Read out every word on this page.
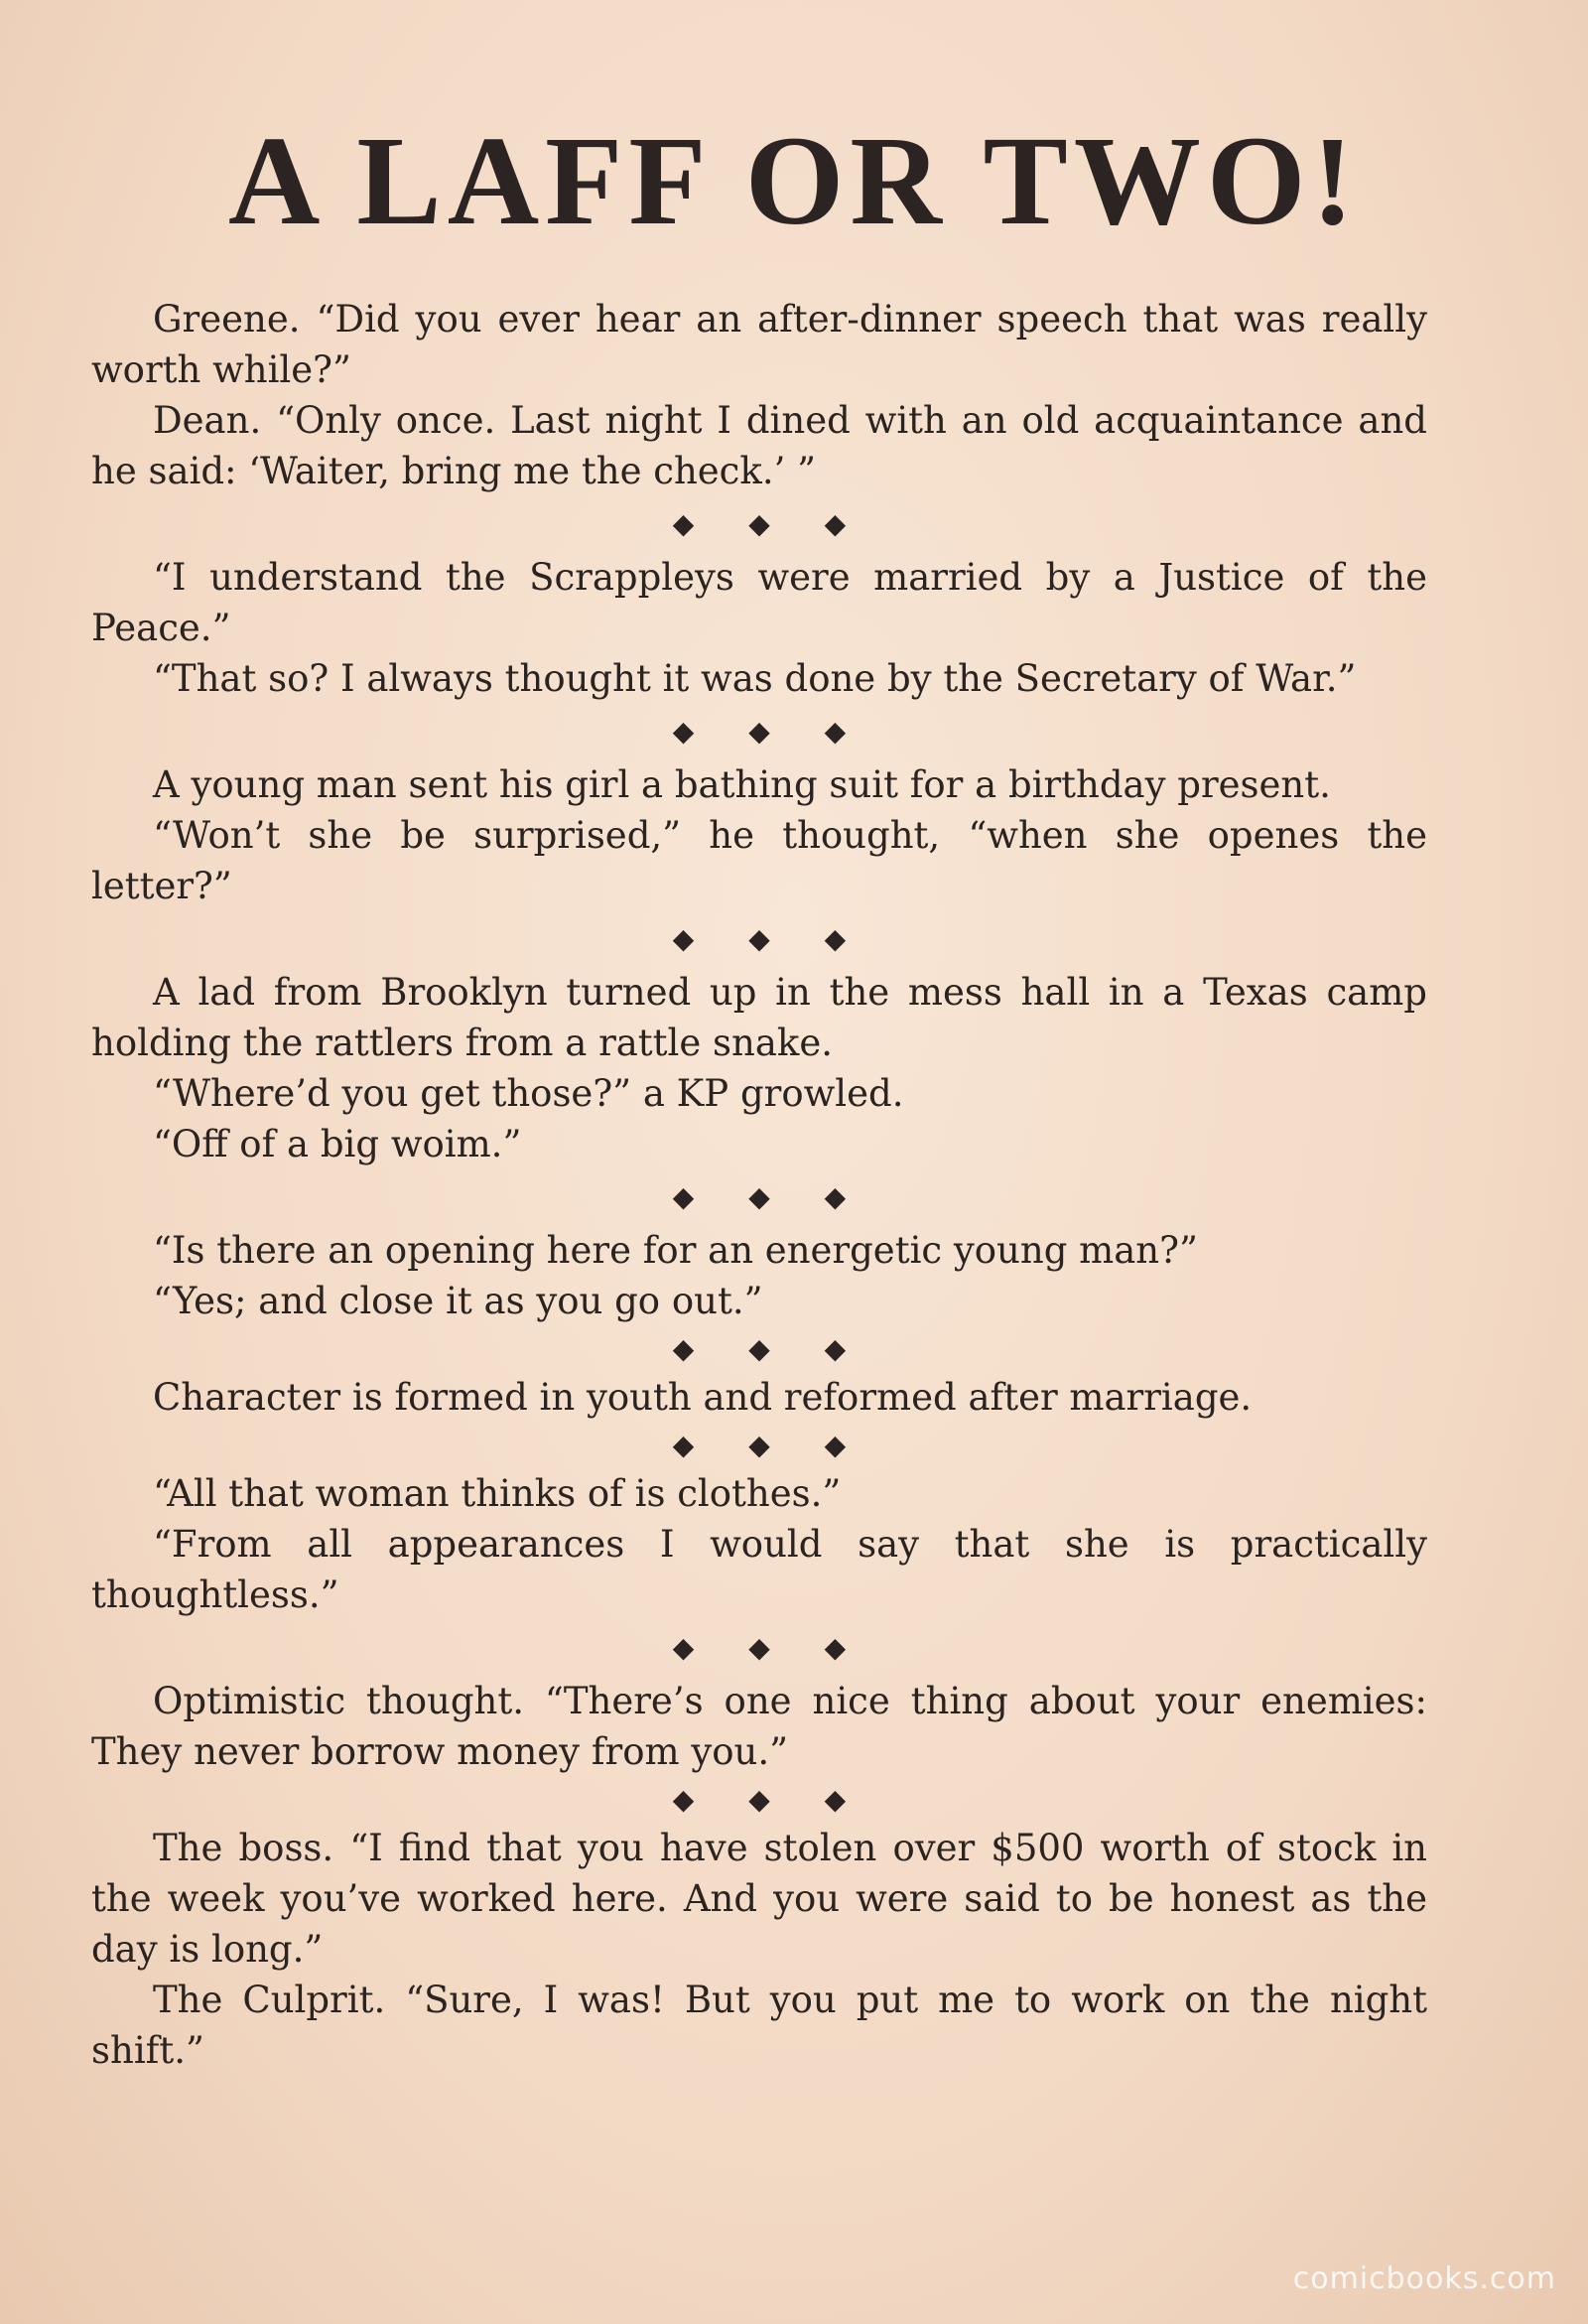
A LAFF OR TWO!

Greene. “Did you ever hear an after-dinner speech that was really worth while?”

Dean. “Only once. Last night I dined with an old acquaintance and he said: ‘Waiter, bring me the check.’ ”

◆ ◆ ◆

“I understand the Scrappleys were married by a Justice of the Peace.”

“That so? I always thought it was done by the Secretary of War.”

◆ ◆ ◆

A young man sent his girl a bathing suit for a birthday present.

“Won’t she be surprised,” he thought, “when she openes the letter?”

◆ ◆ ◆

A lad from Brooklyn turned up in the mess hall in a Texas camp holding the rattlers from a rattle snake.

“Where’d you get those?” a KP growled.

“Off of a big woim.”

◆ ◆ ◆

“Is there an opening here for an energetic young man?”

“Yes; and close it as you go out.”

◆ ◆ ◆

Character is formed in youth and reformed after marriage.

◆ ◆ ◆

“All that woman thinks of is clothes.”

“From all appearances I would say that she is practically thoughtless.”

◆ ◆ ◆

Optimistic thought. “There’s one nice thing about your enemies: They never borrow money from you.”

◆ ◆ ◆

The boss. “I find that you have stolen over $500 worth of stock in the week you’ve worked here. And you were said to be honest as the day is long.”

The Culprit. “Sure, I was! But you put me to work on the night shift.”

comicbooks.com
